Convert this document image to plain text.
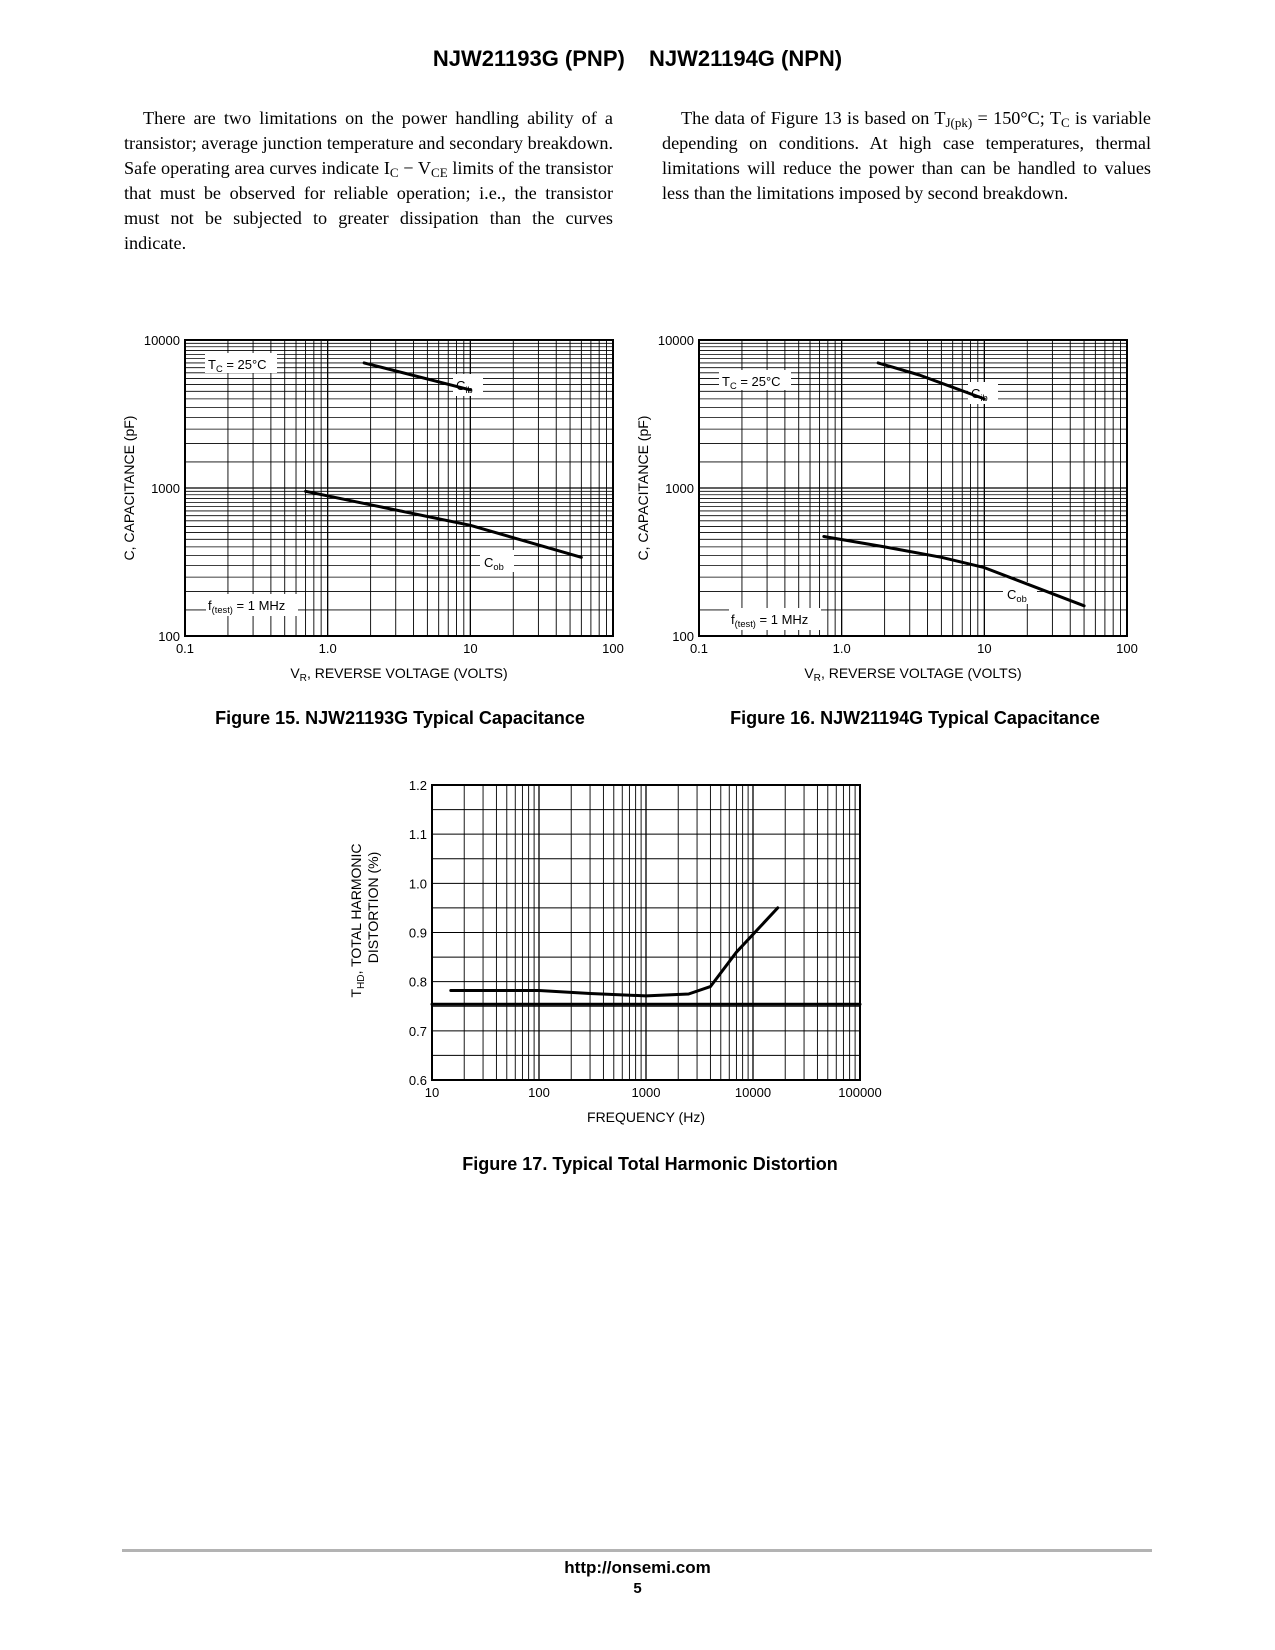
NJW21193G (PNP) NJW21194G (NPN)

There are two limitations on the power handling ability of a transistor; average junction temperature and secondary breakdown. Safe operating area curves indicate $I_C - V_{CE}$ limits of the transistor that must be observed for reliable operation; i.e., the transistor must not be subjected to greater dissipation than the curves indicate.

The data of Figure 13 is based on $T_{J(pk)} = 150^\circ C$; $T_C$ is variable depending on conditions. At high case temperatures, thermal limitations will reduce the power than can be handled to values less than the limitations imposed by second breakdown.

TC = 25°C
f(test) = 1 MHz
Cib
Cob
0.1	1.0	10	100
100
1000
10000
VR, REVERSE VOLTAGE (VOLTS)
C, CAPACITANCE (pF)
TC = 25°C
f(test) = 1 MHz
Cib
Cob
0.1	1.0	10	100
100
1000
10000
VR, REVERSE VOLTAGE (VOLTS)
C, CAPACITANCE (pF)
10	100	1000	10000	100000
0.6
0.7
0.8
0.9
1.0
1.1
1.2
FREQUENCY (Hz)
THD, TOTAL HARMONIC DISTORTION (%)
Figure 15. NJW21193G Typical Capacitance	Figure 16. NJW21194G Typical Capacitance
Figure 17. Typical Total Harmonic Distortion
http://onsemi.com
5
